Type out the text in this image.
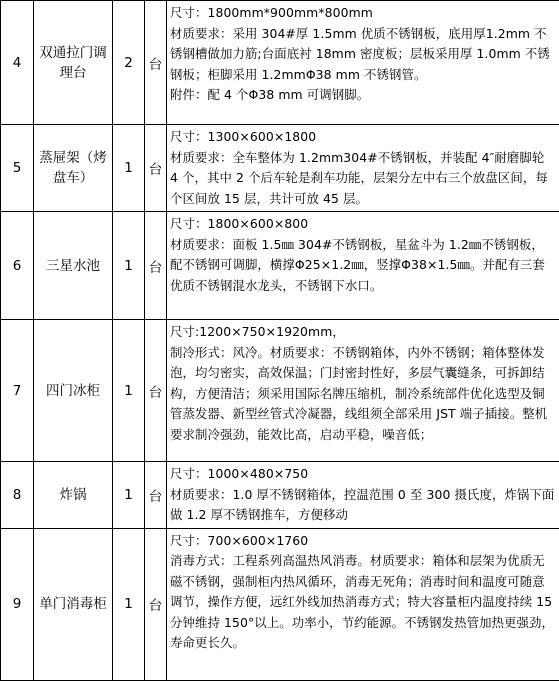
4	双通拉门调理台	2	台	尺寸：1800mm*900mm*800mm
材质要求：采用 304#厚 1.5mm 优质不锈钢板，底用厚1.2mm 不锈钢槽做加力筋;台面底衬 18mm 密度板；层板采用厚 1.0mm 不锈钢板；柜脚采用 1.2mmΦ38 mm 不锈钢管。
附件：配 4 个Φ38 mm 可调钢脚。

5	蒸屉架（烤盘车）	1	台	尺寸：1300×600×1800
材质要求：全车整体为 1.2mm304#不锈钢板，并装配 4″耐磨脚轮 4 个，其中 2 个后车轮是刹车功能，层架分左中右三个放盘区间，每个区间放 15 层，共计可放 45 层。

6	三星水池	1	台	尺寸：1800×600×800
材质要求：面板 1.5㎜ 304#不锈钢板，星盆斗为 1.2㎜不锈钢板，配不锈钢可调脚，横撑Φ25×1.2㎜，竖撑Φ38×1.5㎜。并配有三套优质不锈钢混水龙头，不锈钢下水口。

7	四门冰柜	1	台	尺寸:1200×750×1920mm，
制冷形式：风冷。材质要求：不锈钢箱体，内外不锈钢；箱体整体发泡，均匀密实，高效保温；门封密封性好，多层气囊缝条，可拆卸结构，方便清洁；须采用国际名牌压缩机，制冷系统部件优化选型及铜管蒸发器、新型丝管式冷凝器，线组须全部采用 JST 端子插接。整机要求制冷强劲，能效比高，启动平稳，噪音低；

8	炸锅	1	台	尺寸：1000×480×750
材质要求：1.0 厚不锈钢箱体，控温范围 0 至 300 摄氏度，炸锅下面做 1.2 厚不锈钢推车，方便移动

9	单门消毒柜	1	台	尺寸：700×600×1760
消毒方式：工程系列高温热风消毒。材质要求：箱体和层架为优质无磁不锈钢，强制柜内热风循环，消毒无死角；消毒时间和温度可随意调节，操作方便，远红外线加热消毒方式；特大容量柜内温度持续 15 分钟维持 150°以上。功率小，节约能源。不锈钢发热管加热更强劲，寿命更长久。
